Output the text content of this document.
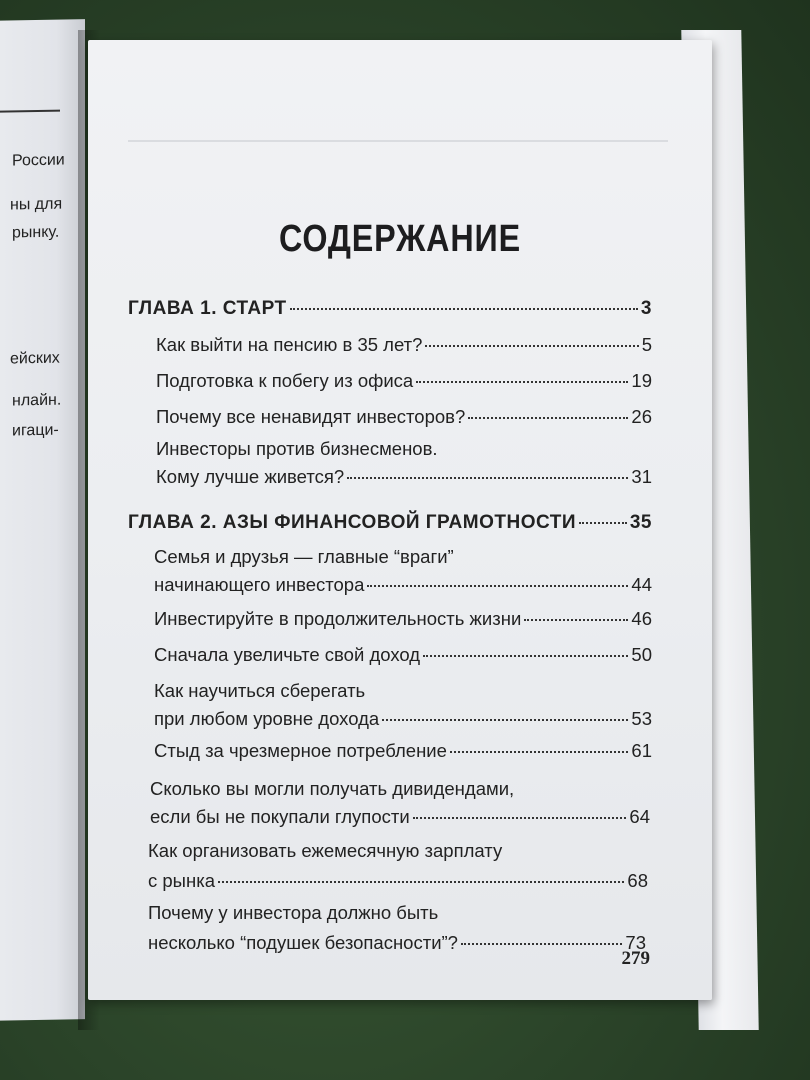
России
ны для
рынку.
ейских
нлайн.
игаци-
СОДЕРЖАНИЕ
ГЛАВА 1. СТАРТ	3
Как выйти на пенсию в 35 лет?	5
Подготовка к побегу из офиса	19
Почему все ненавидят инвесторов?	26
Инвесторы против бизнесменов.
Кому лучше живется?	31
ГЛАВА 2. АЗЫ ФИНАНСОВОЙ ГРАМОТНОСТИ	35
Семья и друзья — главные “враги”
начинающего инвестора	44
Инвестируйте в продолжительность жизни	46
Сначала увеличьте свой доход	50
Как научиться сберегать
при любом уровне дохода	53
Стыд за чрезмерное потребление	61
Сколько вы могли получать дивидендами,
если бы не покупали глупости	64
Как организовать ежемесячную зарплату
с рынка	68
Почему у инвестора должно быть
несколько “подушек безопасности”?	73
279
